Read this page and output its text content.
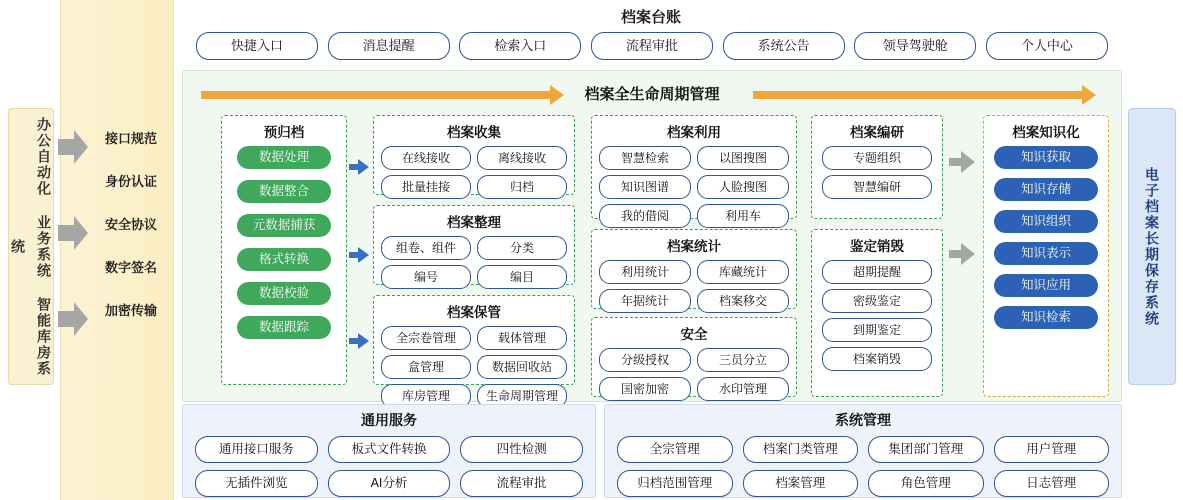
办公自动化 业务系统 智能库房系统
接口规范
身份认证
安全协议
数字签名
加密传输	电子档案长期保存系统
档案台账
快捷入口	消息提醒	检索入口	流程审批	系统公告	领导驾驶舱	个人中心
档案全生命周期管理
预归档
数据处理
数据整合
元数据捕获
格式转换
数据校验
数据跟踪
档案收集
在线接收	离线接收
批量挂接	归档
档案整理
组卷、组件	分类
编号	编目
档案保管
全宗卷管理	载体管理
盒管理	数据回收站
库房管理	生命周期管理
档案利用
智慧检索	以图搜图
知识图谱	人脸搜图
我的借阅	利用车
档案统计
利用统计	库藏统计
年据统计	档案移交
安全
分级授权	三员分立
国密加密	水印管理
档案编研
专题组织
智慧编研
鉴定销毁
超期提醒
密级鉴定
到期鉴定
档案销毁
档案知识化
知识获取
知识存储
知识组织
知识表示
知识应用
知识检索
通用服务
通用接口服务	板式文件转换	四性检测
无插件浏览	AI分析	流程审批
系统管理
全宗管理	档案门类管理	集团部门管理	用户管理
归档范围管理	档案管理	角色管理	日志管理
